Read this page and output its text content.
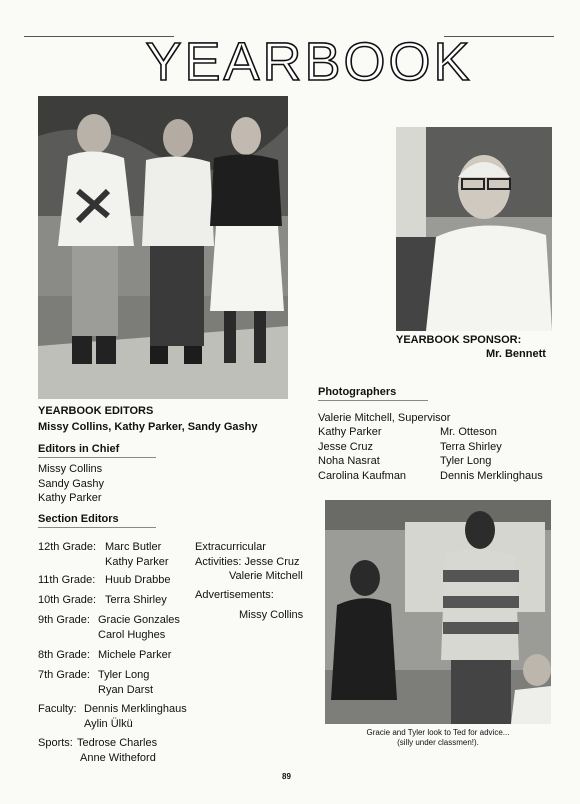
YEARBOOK
YEARBOOK EDITORS
Missy Collins, Kathy Parker, Sandy Gashy
YEARBOOK SPONSOR:
Mr. Bennett
Editors in Chief
Missy Collins
Sandy Gashy
Kathy Parker
Section Editors
12th Grade: Marc Butler
Kathy Parker
11th Grade: Huub Drabbe
10th Grade: Terra Shirley
9th Grade: Gracie Gonzales
Carol Hughes
8th Grade: Michele Parker
7th Grade: Tyler Long
Ryan Darst
Faculty: Dennis Merklinghaus
Aylin Ülkü
Sports: Tedrose Charles
Anne Witheford
Extracurricular
Activities: Jesse Cruz
Valerie Mitchell
Advertisements:
Missy Collins
Photographers
Valerie Mitchell, Supervisor
Kathy Parker
Jesse Cruz
Noha Nasrat
Carolina Kaufman
Mr. Otteson
Terra Shirley
Tyler Long
Dennis Merklinghaus
Gracie and Tyler look to Ted for advice...
(silly under classmen!).
89
